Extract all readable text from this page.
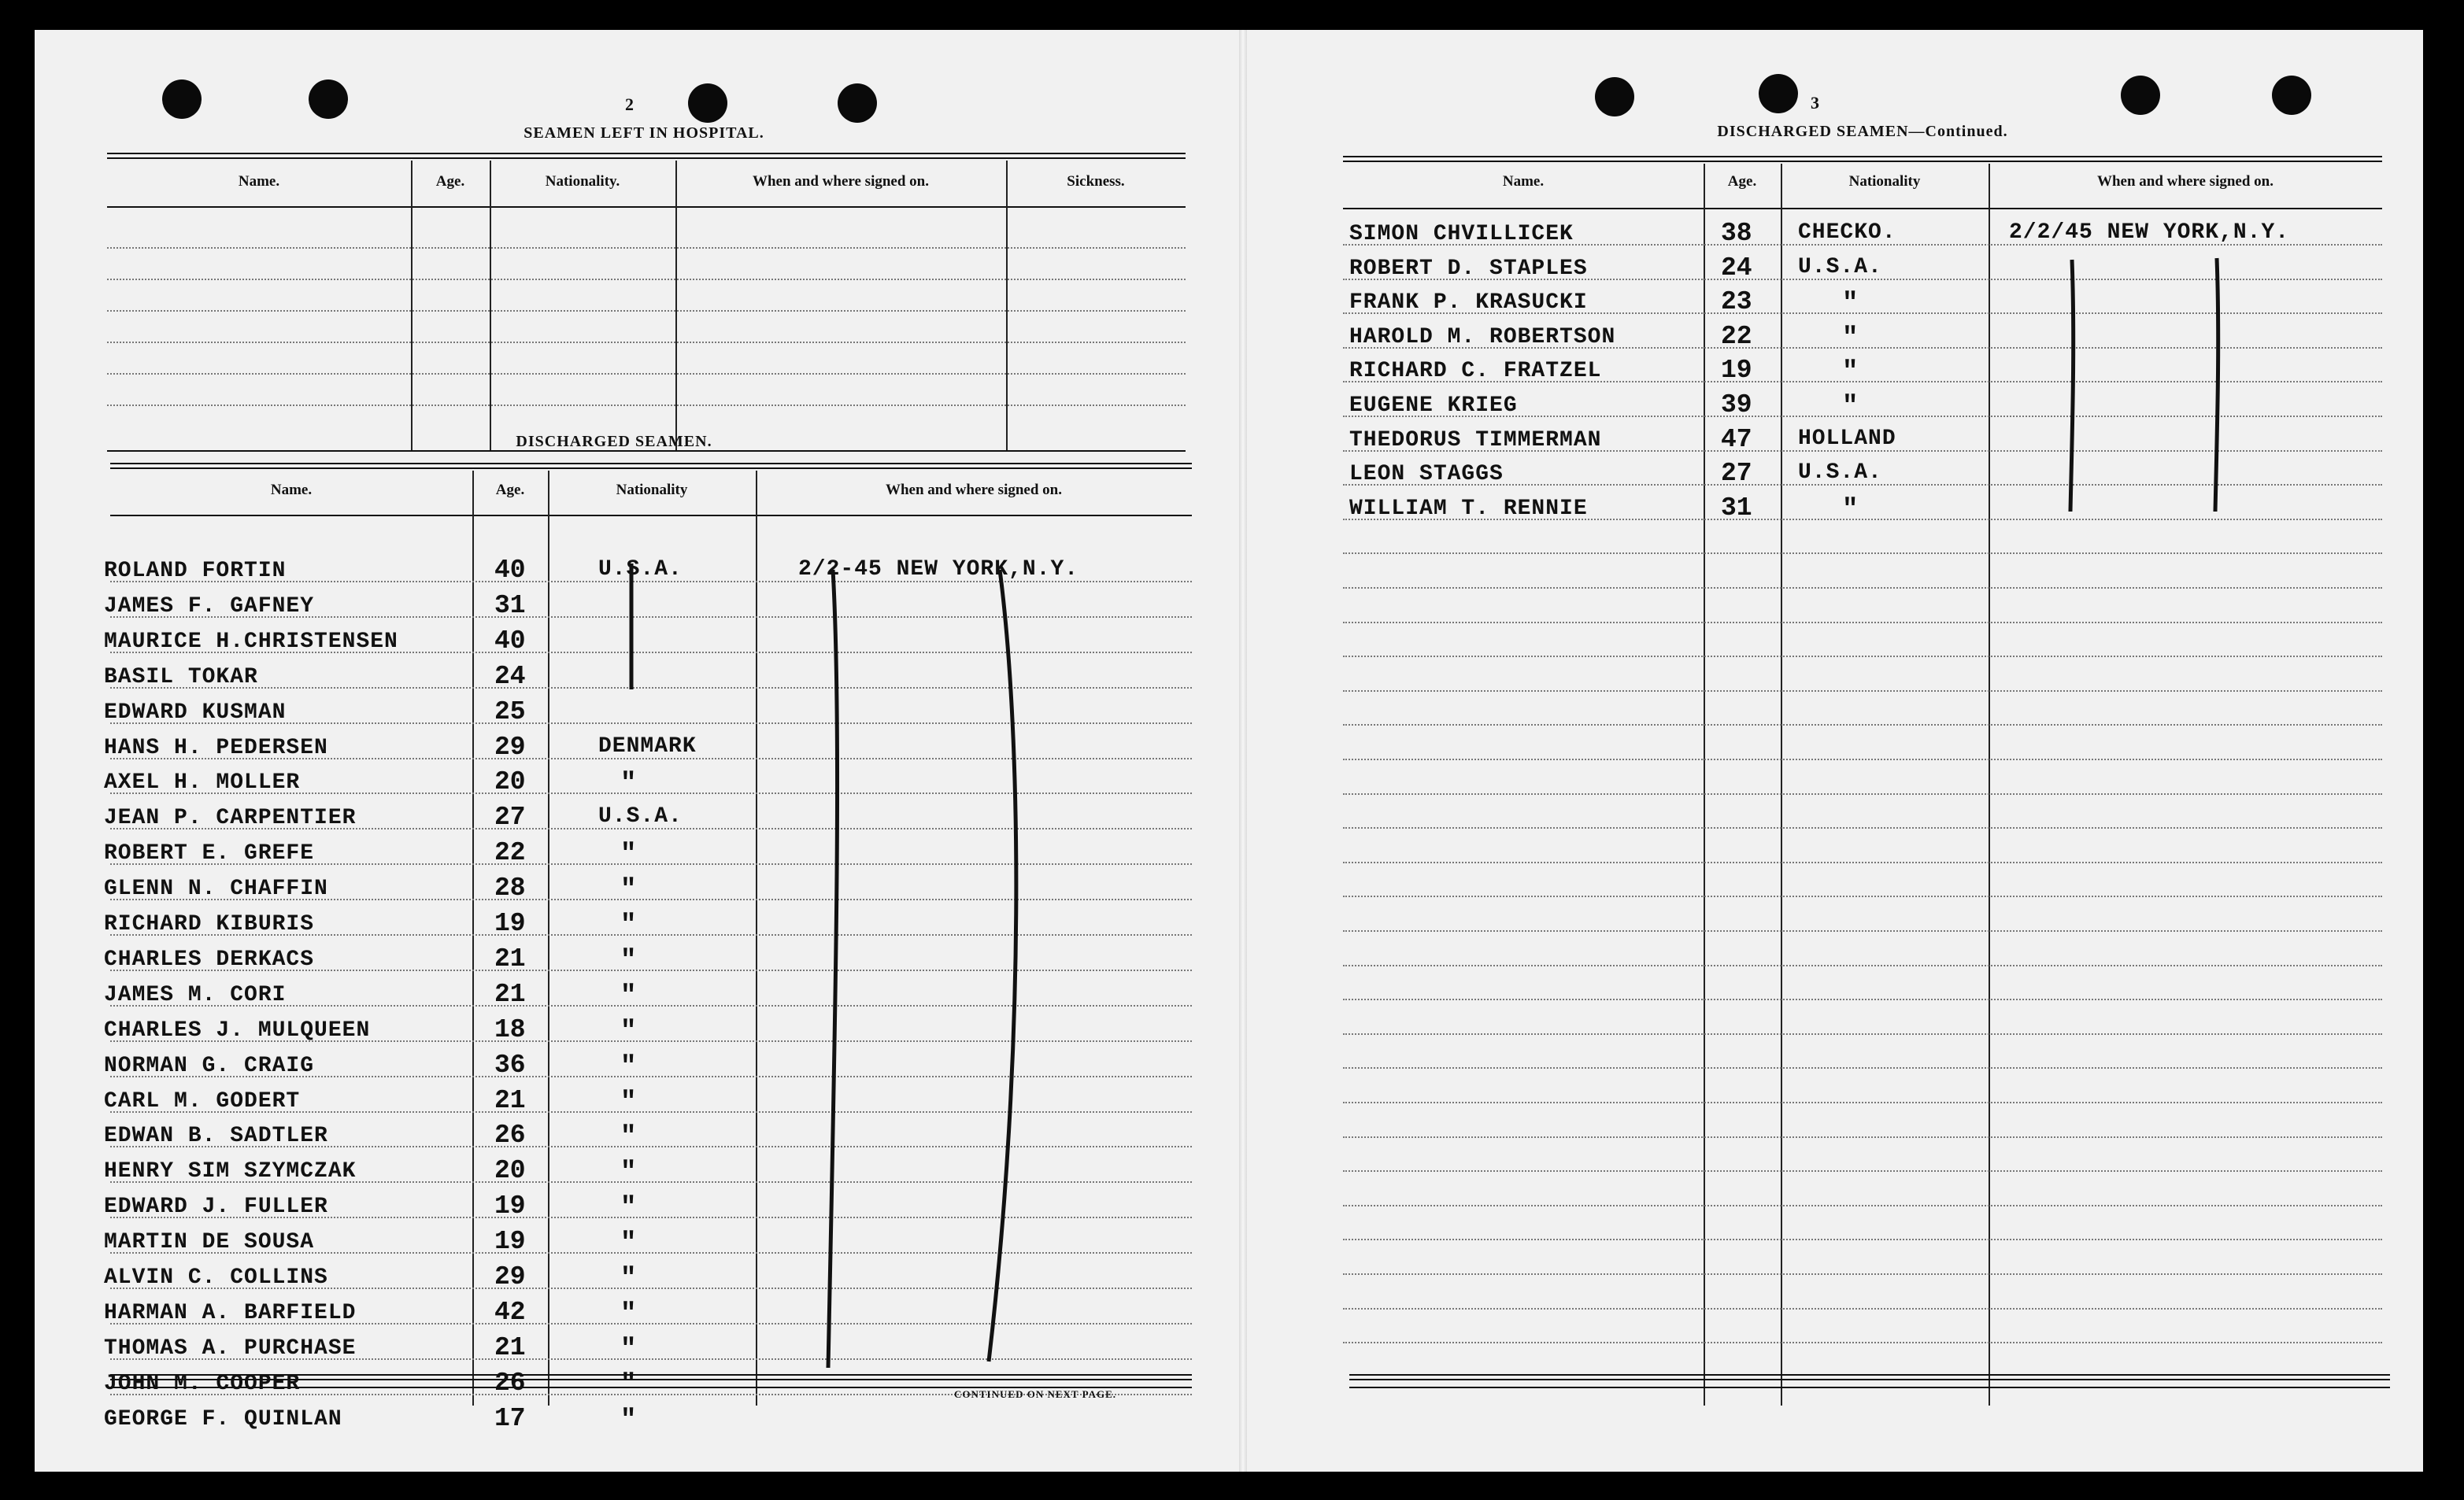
2
SEAMEN LEFT IN HOSPITAL.
Name.	Age.	Nationality.	When and where signed on.	Sickness.
DISCHARGED SEAMEN.
Name.	Age.	Nationality	When and where signed on.
ROLAND FORTIN	40	U.S.A.	2/2-45 NEW YORK,N.Y.
JAMES F. GAFNEY	31
MAURICE H.CHRISTENSEN	40
BASIL TOKAR	24
EDWARD KUSMAN	25
HANS H. PEDERSEN	29	DENMARK
AXEL H. MOLLER	20	"
JEAN P. CARPENTIER	27	U.S.A.
ROBERT E. GREFE	22	"
GLENN N. CHAFFIN	28	"
RICHARD KIBURIS	19	"
CHARLES DERKACS	21	"
JAMES M. CORI	21	"
CHARLES J. MULQUEEN	18	"
NORMAN G. CRAIG	36	"
CARL M. GODERT	21	"
EDWAN B. SADTLER	26	"
HENRY SIM SZYMCZAK	20	"
EDWARD J. FULLER	19	"
MARTIN DE SOUSA	19	"
ALVIN C. COLLINS	29	"
HARMAN A. BARFIELD	42	"
THOMAS A. PURCHASE	21	"
JOHN M. COOPER	26	"
GEORGE F. QUINLAN	17	"
CONTINUED ON NEXT PAGE.
3
DISCHARGED SEAMEN—Continued.
Name.	Age.	Nationality	When and where signed on.
SIMON CHVILLICEK	38 CHECKO.	2/2/45 NEW YORK,N.Y.
ROBERT D. STAPLES	24 U.S.A.
FRANK P. KRASUCKI	23	"
HAROLD M. ROBERTSON	22	"
RICHARD C. FRATZEL	19	"
EUGENE KRIEG	39	"
THEDORUS TIMMERMAN	47 HOLLAND
LEON STAGGS	27 U.S.A.
WILLIAM T. RENNIE	31	"
